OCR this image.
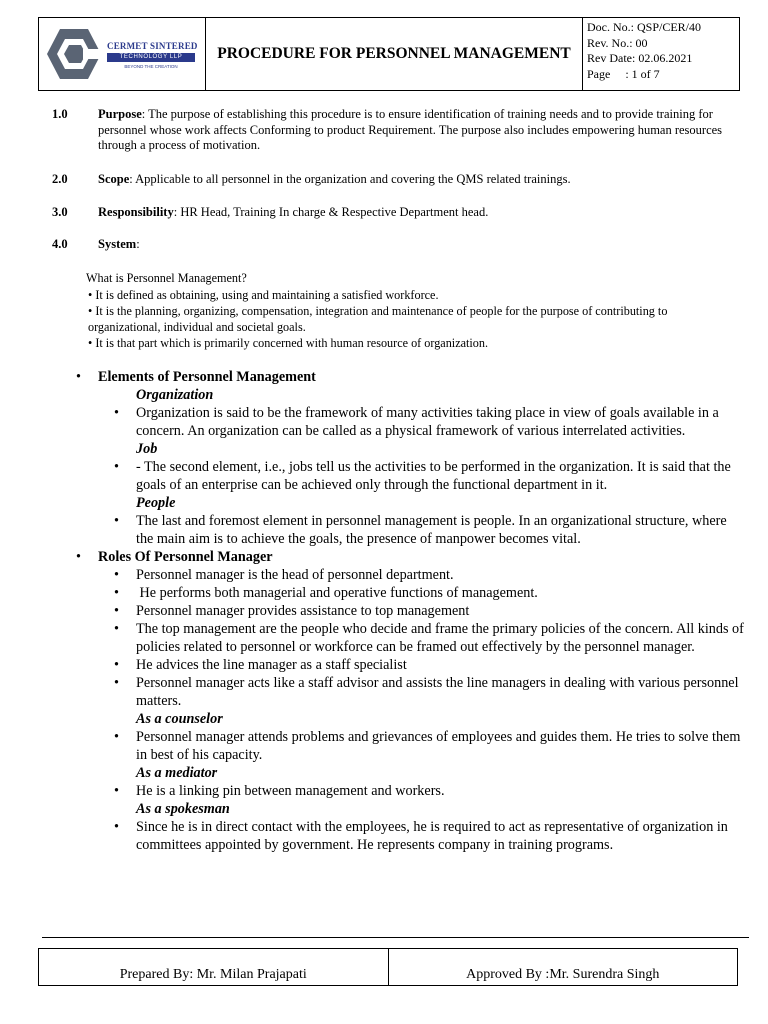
CERMET SINTERED
TECHNOLOGY LLP
BEYOND THE CREATION
	PROCEDURE FOR PERSONNEL MANAGEMENT	
Doc. No.: QSP/CER/40
Rev. No.: 00
Rev Date: 02.06.2021
Page     : 1 of 7
1.0 Purpose: The purpose of establishing this procedure is to ensure identification of training needs and to provide training for personnel whose work affects Conforming to product Requirement. The purpose also includes empowering human resources through a process of motivation.
2.0 Scope: Applicable to all personnel in the organization and covering the QMS related trainings.
3.0 Responsibility: HR Head, Training In charge & Respective Department head.
4.0 System:
What is Personnel Management?
• It is defined as obtaining, using and maintaining a satisfied workforce.
• It is the planning, organizing, compensation, integration and maintenance of people for the purpose of contributing to organizational, individual and societal goals.
• It is that part which is primarily concerned with human resource of organization.
• Elements of Personnel Management
Organization
• Organization is said to be the framework of many activities taking place in view of goals available in a concern. An organization can be called as a physical framework of various interrelated activities.
Job
• - The second element, i.e., jobs tell us the activities to be performed in the organization. It is said that the goals of an enterprise can be achieved only through the functional department in it.
People
• The last and foremost element in personnel management is people. In an organizational structure, where the main aim is to achieve the goals, the presence of manpower becomes vital.
• Roles Of Personnel Manager
• Personnel manager is the head of personnel department.
•  He performs both managerial and operative functions of management.
• Personnel manager provides assistance to top management
• The top management are the people who decide and frame the primary policies of the concern. All kinds of policies related to personnel or workforce can be framed out effectively by the personnel manager.
• He advices the line manager as a staff specialist
• Personnel manager acts like a staff advisor and assists the line managers in dealing with various personnel matters.
As a counselor
• Personnel manager attends problems and grievances of employees and guides them. He tries to solve them in best of his capacity.
As a mediator
• He is a linking pin between management and workers.
As a spokesman
• Since he is in direct contact with the employees, he is required to act as representative of organization in committees appointed by government. He represents company in training programs.
Prepared By: Mr. Milan Prajapati	Approved By :Mr. Surendra Singh
